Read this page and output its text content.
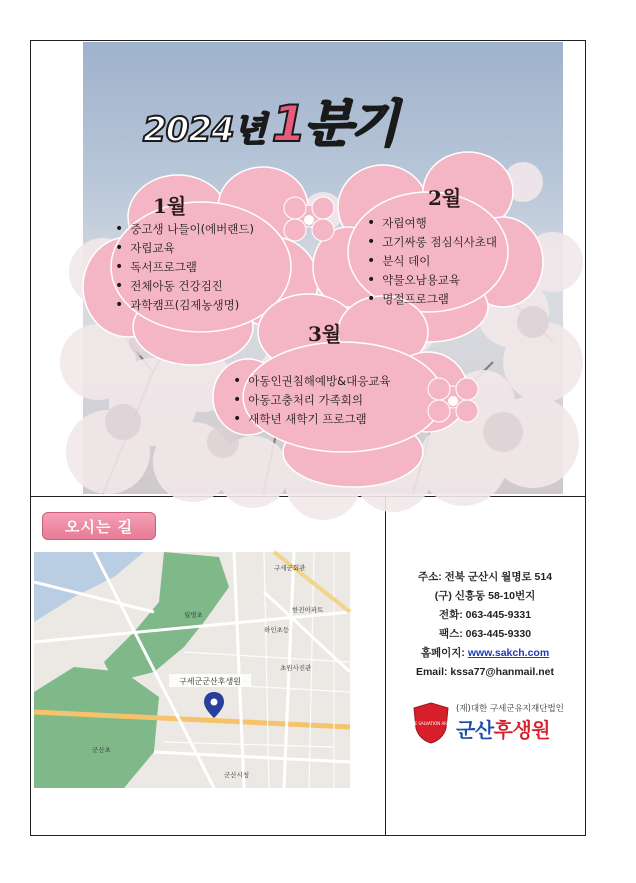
2024년 1분기
1월
• 중고생 나들이(에버랜드)
• 자립교육
• 독서프로그램
• 전체아동 건강검진
• 과학캠프(김제농생명)
2월
• 자립여행
• 고기싸롱 점심식사초대
• 분식 데이
• 약물오남용교육
• 명절프로그램
3월
• 아동인권침해예방&대응교육
• 아동고충처리 가족회의
• 새학년 새학기 프로그램
오시는 길
구세군군산후생원
한진아파트
하인초등
월명초
군산초
초원사진관
구세군회관
군산시청
주소: 전북 군산시 월명로 514
(구) 신흥동 58-10번지
전화: 063-445-9331
팩스: 063-445-9330
홈페이지: www.sakch.com
Email: kssa77@hanmail.net
THE SALVATION ARMY
(재)대한 구세군유지재단법인
군산후생원
